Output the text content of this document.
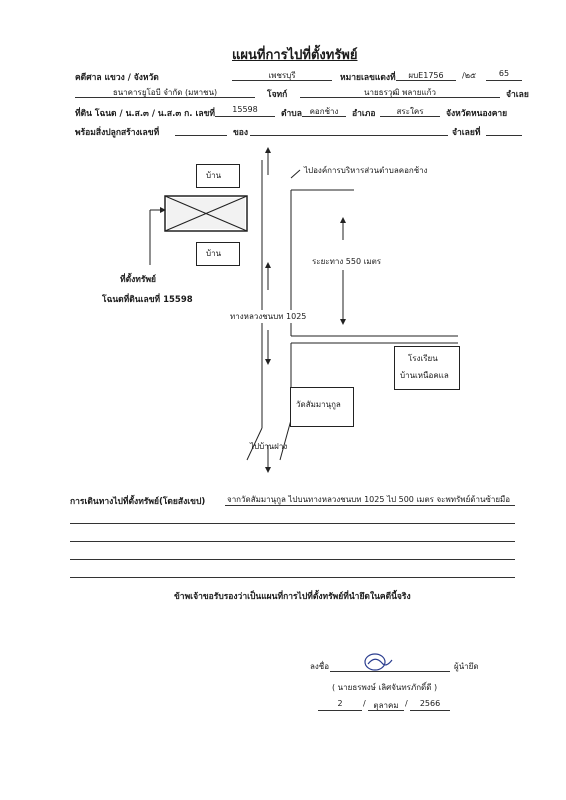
แผนที่การไปที่ตั้งทรัพย์
คดีศาล แขวง / จังหวัด	เพชรบุรี	หมายเลขแดงที่	ผบE1756	/๒๕	65
ธนาคารยูโอบี จำกัด (มหาชน)	โจทก์	นายธรวุฒิ พลายแก้ว	จำเลย
ที่ดิน โฉนด / น.ส.๓ / น.ส.๓ ก. เลขที่	15598	ตำบล คอกช้าง	อำเภอ	สระใคร	จังหวัดหนองคาย
พร้อมสิ่งปลูกสร้างเลขที่	ของ	จำเลยที่
บ้าน
บ้าน
ไปองค์การบริหารส่วนตำบลคอกช้าง
ระยะทาง 550 เมตร
ทางหลวงชนบท 1025
ที่ตั้งทรัพย์
โฉนดที่ดินเลขที่ 15598
โรงเรียน
บ้านเหนือคแล
วัดสัมมานุกูล
ไปบ้านฝาง
การเดินทางไปที่ตั้งทรัพย์(โดยสังเขป)	จากวัดสัมมานุกูล ไปบนทางหลวงชนบท 1025 ไป 500 เมตร จะพทรัพย์ด้านซ้ายมือ
ข้าพเจ้าขอรับรองว่าเป็นแผนที่การไปที่ตั้งทรัพย์ที่นำยึดในคดีนี้จริง
ลงชื่อ	ผู้นำยึด
( นายธรพงษ์ เลิศจันทรภักดิ์ดี )
2	/ ตุลาคม /	2566
